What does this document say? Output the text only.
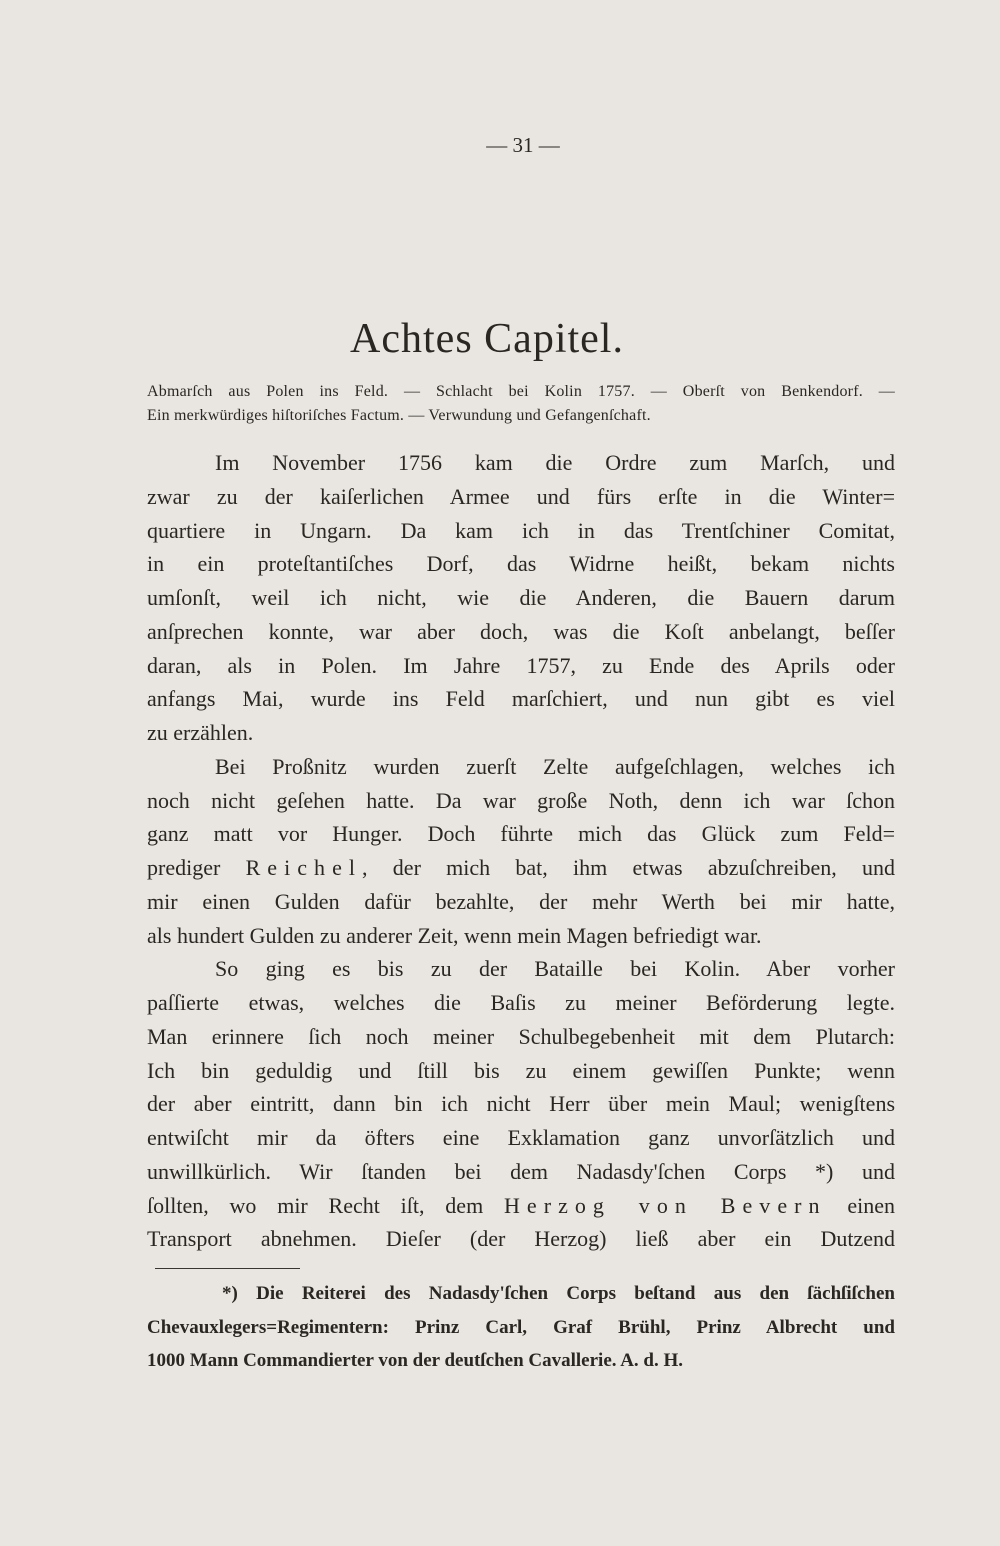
— 31 —
Achtes Capitel.
Abmarſch aus Polen ins Feld. — Schlacht bei Kolin 1757. — Oberſt von Benkendorf. —
Ein merkwürdiges hiſtoriſches Factum. — Verwundung und Gefangenſchaft.
Im November 1756 kam die Ordre zum Marſch, und
zwar zu der kaiſerlichen Armee und fürs erſte in die Winter=
quartiere in Ungarn. Da kam ich in das Trentſchiner Comitat,
in ein proteſtantiſches Dorf, das Widrne heißt, bekam nichts
umſonſt, weil ich nicht, wie die Anderen, die Bauern darum
anſprechen konnte, war aber doch, was die Koſt anbelangt, beſſer
daran, als in Polen. Im Jahre 1757, zu Ende des Aprils oder
anfangs Mai, wurde ins Feld marſchiert, und nun gibt es viel
zu erzählen.
Bei Proßnitz wurden zuerſt Zelte aufgeſchlagen, welches ich
noch nicht geſehen hatte. Da war große Noth, denn ich war ſchon
ganz matt vor Hunger. Doch führte mich das Glück zum Feld=
prediger Reichel, der mich bat, ihm etwas abzuſchreiben, und
mir einen Gulden dafür bezahlte, der mehr Werth bei mir hatte,
als hundert Gulden zu anderer Zeit, wenn mein Magen befriedigt war.
So ging es bis zu der Bataille bei Kolin. Aber vorher
paſſierte etwas, welches die Baſis zu meiner Beförderung legte.
Man erinnere ſich noch meiner Schulbegebenheit mit dem Plutarch:
Ich bin geduldig und ſtill bis zu einem gewiſſen Punkte; wenn
der aber eintritt, dann bin ich nicht Herr über mein Maul; wenigſtens
entwiſcht mir da öfters eine Exklamation ganz unvorſätzlich und
unwillkürlich. Wir ſtanden bei dem Nadasdy'ſchen Corps *) und
ſollten, wo mir Recht iſt, dem Herzog von Bevern einen
Transport abnehmen. Dieſer (der Herzog) ließ aber ein Dutzend
*) Die Reiterei des Nadasdy'ſchen Corps beſtand aus den ſächſiſchen
Chevauxlegers=Regimentern: Prinz Carl, Graf Brühl, Prinz Albrecht und
1000 Mann Commandierter von der deutſchen Cavallerie. A. d. H.
